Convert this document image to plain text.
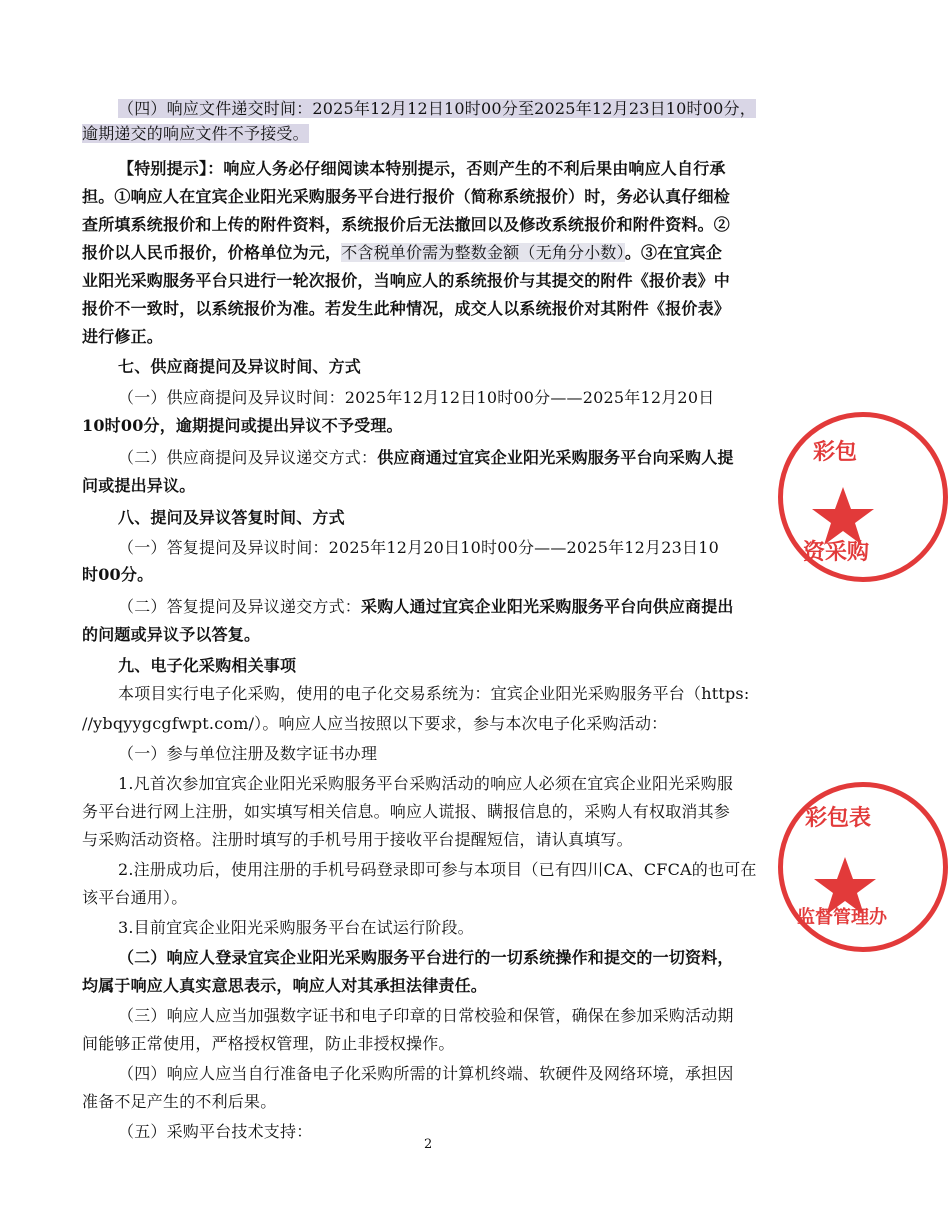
（四）响应文件递交时间：2025年12月12日10时00分至2025年12月23日10时00分，
逾期递交的响应文件不予接受。
【特别提示】：响应人务必仔细阅读本特别提示，否则产生的不利后果由响应人自行承
担。①响应人在宜宾企业阳光采购服务平台进行报价（简称系统报价）时，务必认真仔细检
查所填系统报价和上传的附件资料，系统报价后无法撤回以及修改系统报价和附件资料。②
报价以人民币报价，价格单位为元，不含税单价需为整数金额（无角分小数）。③在宜宾企
业阳光采购服务平台只进行一轮次报价，当响应人的系统报价与其提交的附件《报价表》中
报价不一致时，以系统报价为准。若发生此种情况，成交人以系统报价对其附件《报价表》
进行修正。
七、供应商提问及异议时间、方式
（一）供应商提问及异议时间：2025年12月12日10时00分——2025年12月20日
10时00分，逾期提问或提出异议不予受理。
（二）供应商提问及异议递交方式：供应商通过宜宾企业阳光采购服务平台向采购人提
问或提出异议。
八、提问及异议答复时间、方式
（一）答复提问及异议时间：2025年12月20日10时00分——2025年12月23日10
时00分。
（二）答复提问及异议递交方式：采购人通过宜宾企业阳光采购服务平台向供应商提出
的问题或异议予以答复。
九、电子化采购相关事项
本项目实行电子化采购，使用的电子化交易系统为：宜宾企业阳光采购服务平台（https:
//ybqyygcgfwpt.com/）。响应人应当按照以下要求，参与本次电子化采购活动：
（一）参与单位注册及数字证书办理
1.凡首次参加宜宾企业阳光采购服务平台采购活动的响应人必须在宜宾企业阳光采购服
务平台进行网上注册，如实填写相关信息。响应人谎报、瞒报信息的，采购人有权取消其参
与采购活动资格。注册时填写的手机号用于接收平台提醒短信，请认真填写。
2.注册成功后，使用注册的手机号码登录即可参与本项目（已有四川CA、CFCA的也可在
该平台通用）。
3.目前宜宾企业阳光采购服务平台在试运行阶段。
（二）响应人登录宜宾企业阳光采购服务平台进行的一切系统操作和提交的一切资料，
均属于响应人真实意思表示，响应人对其承担法律责任。
（三）响应人应当加强数字证书和电子印章的日常校验和保管，确保在参加采购活动期
间能够正常使用，严格授权管理，防止非授权操作。
（四）响应人应当自行准备电子化采购所需的计算机终端、软硬件及网络环境，承担因
准备不足产生的不利后果。
（五）采购平台技术支持：
2
彩包
资采购
彩包表
监督管理办
